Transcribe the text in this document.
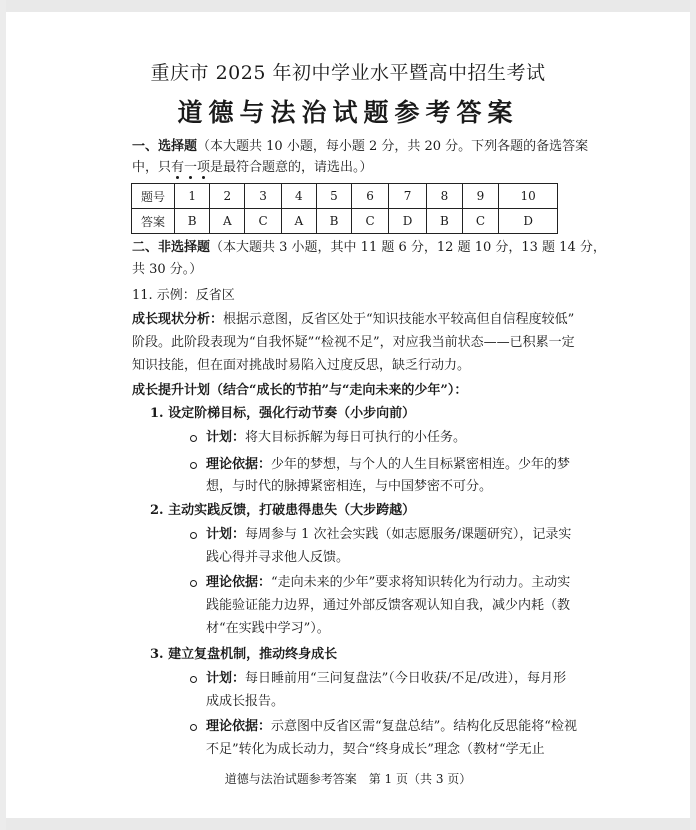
重庆市 2025 年初中学业水平暨高中招生考试
道德与法治试题参考答案
一、选择题（本大题共 10 小题，每小题 2 分，共 20 分。下列各题的备选答案
中，只有一项是最符合题意的，请选出。）
题号	1	2	3	4	5	6	7	8	9	10
答案	B	A	C	A	B	C	D	B	C	D
二、非选择题（本大题共 3 小题，其中 11 题 6 分，12 题 10 分，13 题 14 分，
共 30 分。）
11. 示例：反省区
成长现状分析：根据示意图，反省区处于“知识技能水平较高但自信程度较低”
阶段。此阶段表现为“自我怀疑”“检视不足”，对应我当前状态——已积累一定
知识技能，但在面对挑战时易陷入过度反思，缺乏行动力。
成长提升计划（结合“成长的节拍”与“走向未来的少年”）：
1. 设定阶梯目标，强化行动节奏（小步向前）
计划：将大目标拆解为每日可执行的小任务。
理论依据：少年的梦想，与个人的人生目标紧密相连。少年的梦
想，与时代的脉搏紧密相连，与中国梦密不可分。
2. 主动实践反馈，打破患得患失（大步跨越）
计划：每周参与 1 次社会实践（如志愿服务/课题研究），记录实
践心得并寻求他人反馈。
理论依据：“走向未来的少年”要求将知识转化为行动力。主动实
践能验证能力边界，通过外部反馈客观认知自我，减少内耗（教
材“在实践中学习”）。
3. 建立复盘机制，推动终身成长
计划：每日睡前用“三问复盘法”（今日收获/不足/改进），每月形
成成长报告。
理论依据：示意图中反省区需“复盘总结”。结构化反思能将“检视
不足”转化为成长动力，契合“终身成长”理念（教材“学无止
道德与法治试题参考答案　第 1 页（共 3 页）
